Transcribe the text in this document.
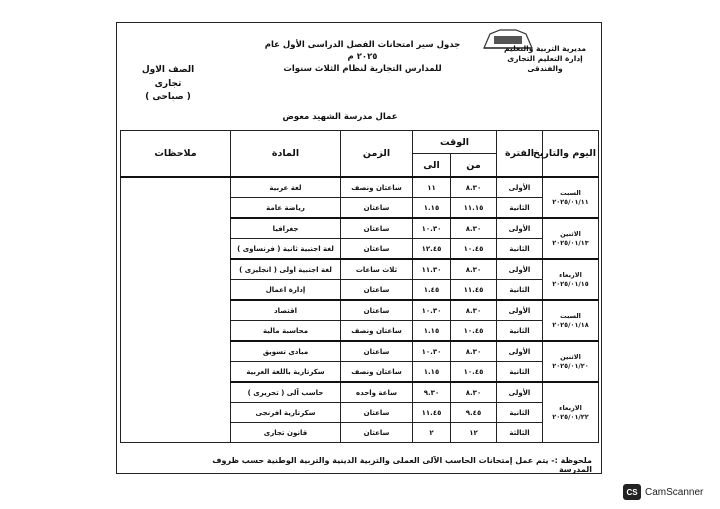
مديرية التربية والتعليم
إدارة التعليم التجارى والفندقى
جدول سير امتحانات الفصل الدراسى الأول عام ٢٠٢٥ م
للمدارس التجارية لنظام الثلاث سنوات
الصف الاول
تجارى
( صباحى )
عمال مدرسة الشهيد معوض
اليوم والتاريخ	الفترة	الوقت		الزمن	المادة	ملاحظات
		من	الى			

السبت
٢٠٢٥/٠١/١١	الأولى	٨.٣٠	١١	ساعتان ونصف	لغة عربية	
	الثانية	١١.١٥	١.١٥	ساعتان	رياضة عامة	

الاثنين
٢٠٢٥/٠١/١٣	الأولى	٨.٣٠	١٠.٣٠	ساعتان	جغرافيا	
	الثانية	١٠.٤٥	١٢.٤٥	ساعتان	لغة اجنبية ثانية ( فرنساوى )	

الاربعاء
٢٠٢٥/٠١/١٥	الأولى	٨.٣٠	١١.٣٠	ثلاث ساعات	لغة اجنبية اولى ( انجليزى )	
	الثانية	١١.٤٥	١.٤٥	ساعتان	إدارة اعمال	

السبت
٢٠٢٥/٠١/١٨	الأولى	٨.٣٠	١٠.٣٠	ساعتان	اقتصاد	
	الثانية	١٠.٤٥	١.١٥	ساعتان ونصف	محاسبة مالية	

الاثنين
٢٠٢٥/٠١/٢٠	الأولى	٨.٣٠	١٠.٣٠	ساعتان	مبادى تسويق	
	الثانية	١٠.٤٥	١.١٥	ساعتان ونصف	سكرتارية باللغة العربية	

الاربعاء
٢٠٢٥/٠١/٢٢	الأولى	٨.٣٠	٩.٣٠	ساعة واحده	حاسب آلى ( تحريرى )	
	الثانية	٩.٤٥	١١.٤٥	ساعتان	سكرتارية افرنجى	
	الثالثة	١٢	٢	ساعتان	قانون تجارى	
ملحوظة :- يتم عمل إمتحانات الحاسب الآلى العملى والتربية الدينية والتربية الوطنية حسب ظروف المدرسة
CS CamScanner
